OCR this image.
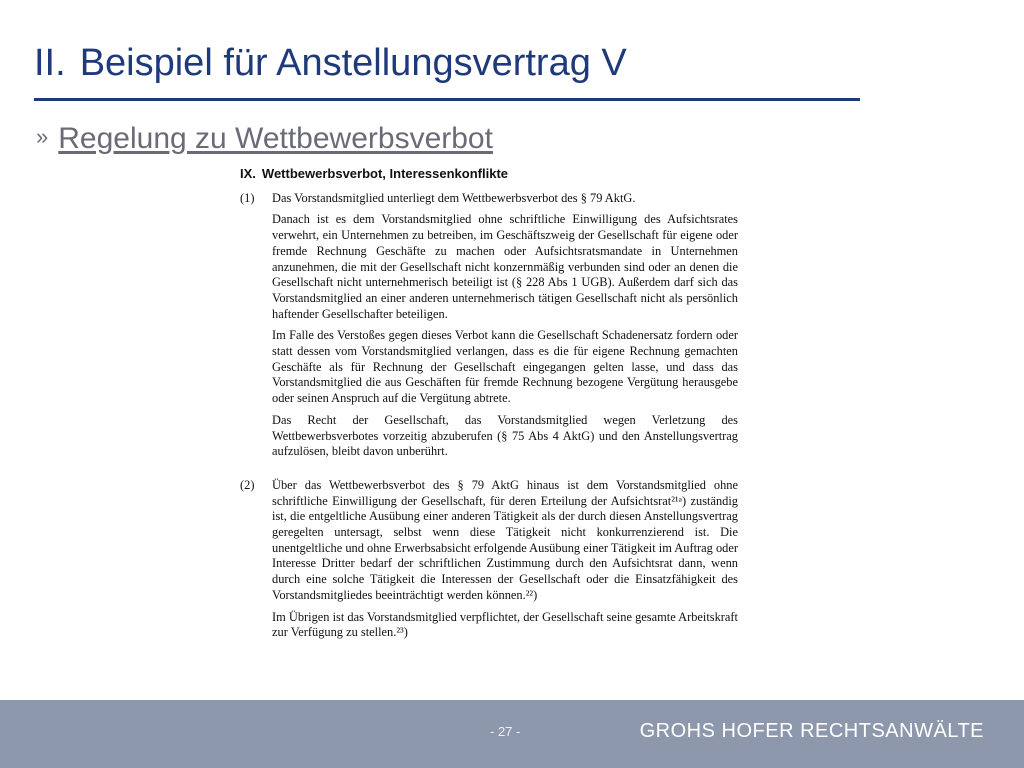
II. Beispiel für Anstellungsvertrag V
» Regelung zu Wettbewerbsverbot
IX. Wettbewerbsverbot, Interessenkonflikte
(1)	Das Vorstandsmitglied unterliegt dem Wettbewerbsverbot des § 79 AktG.

Danach ist es dem Vorstandsmitglied ohne schriftliche Einwilligung des Aufsichtsrates verwehrt, ein Unternehmen zu betreiben, im Geschäftszweig der Gesellschaft für eigene oder fremde Rechnung Geschäfte zu machen oder Aufsichtsratsmandate in Unternehmen anzunehmen, die mit der Gesellschaft nicht konzernmäßig verbunden sind oder an denen die Gesellschaft nicht unternehmerisch beteiligt ist (§ 228 Abs 1 UGB). Außerdem darf sich das Vorstandsmitglied an einer anderen unternehmerisch tätigen Gesellschaft nicht als persönlich haftender Gesellschafter beteiligen.

Im Falle des Verstoßes gegen dieses Verbot kann die Gesellschaft Schadenersatz fordern oder statt dessen vom Vorstandsmitglied verlangen, dass es die für eigene Rechnung gemachten Geschäfte als für Rechnung der Gesellschaft eingegangen gelten lasse, und dass das Vorstandsmitglied die aus Geschäften für fremde Rechnung bezogene Vergütung herausgebe oder seinen Anspruch auf die Vergütung abtrete.

Das Recht der Gesellschaft, das Vorstandsmitglied wegen Verletzung des Wettbewerbsverbotes vorzeitig abzuberufen (§ 75 Abs 4 AktG) und den Anstellungsvertrag aufzulösen, bleibt davon unberührt.

(2)	Über das Wettbewerbsverbot des § 79 AktG hinaus ist dem Vorstandsmitglied ohne schriftliche Einwilligung der Gesellschaft, für deren Erteilung der Aufsichtsrat²¹ᵃ) zuständig ist, die entgeltliche Ausübung einer anderen Tätigkeit als der durch diesen Anstellungsvertrag geregelten untersagt, selbst wenn diese Tätigkeit nicht konkurrenzierend ist. Die unentgeltliche und ohne Erwerbsabsicht erfolgende Ausübung einer Tätigkeit im Auftrag oder Interesse Dritter bedarf der schriftlichen Zustimmung durch den Aufsichtsrat dann, wenn durch eine solche Tätigkeit die Interessen der Gesellschaft oder die Einsatzfähigkeit des Vorstandsmitgliedes beeinträchtigt werden können.²²)

Im Übrigen ist das Vorstandsmitglied verpflichtet, der Gesellschaft seine gesamte Arbeitskraft zur Verfügung zu stellen.²³)

- 27 -	GROHS HOFER RECHTSANWÄLTE
